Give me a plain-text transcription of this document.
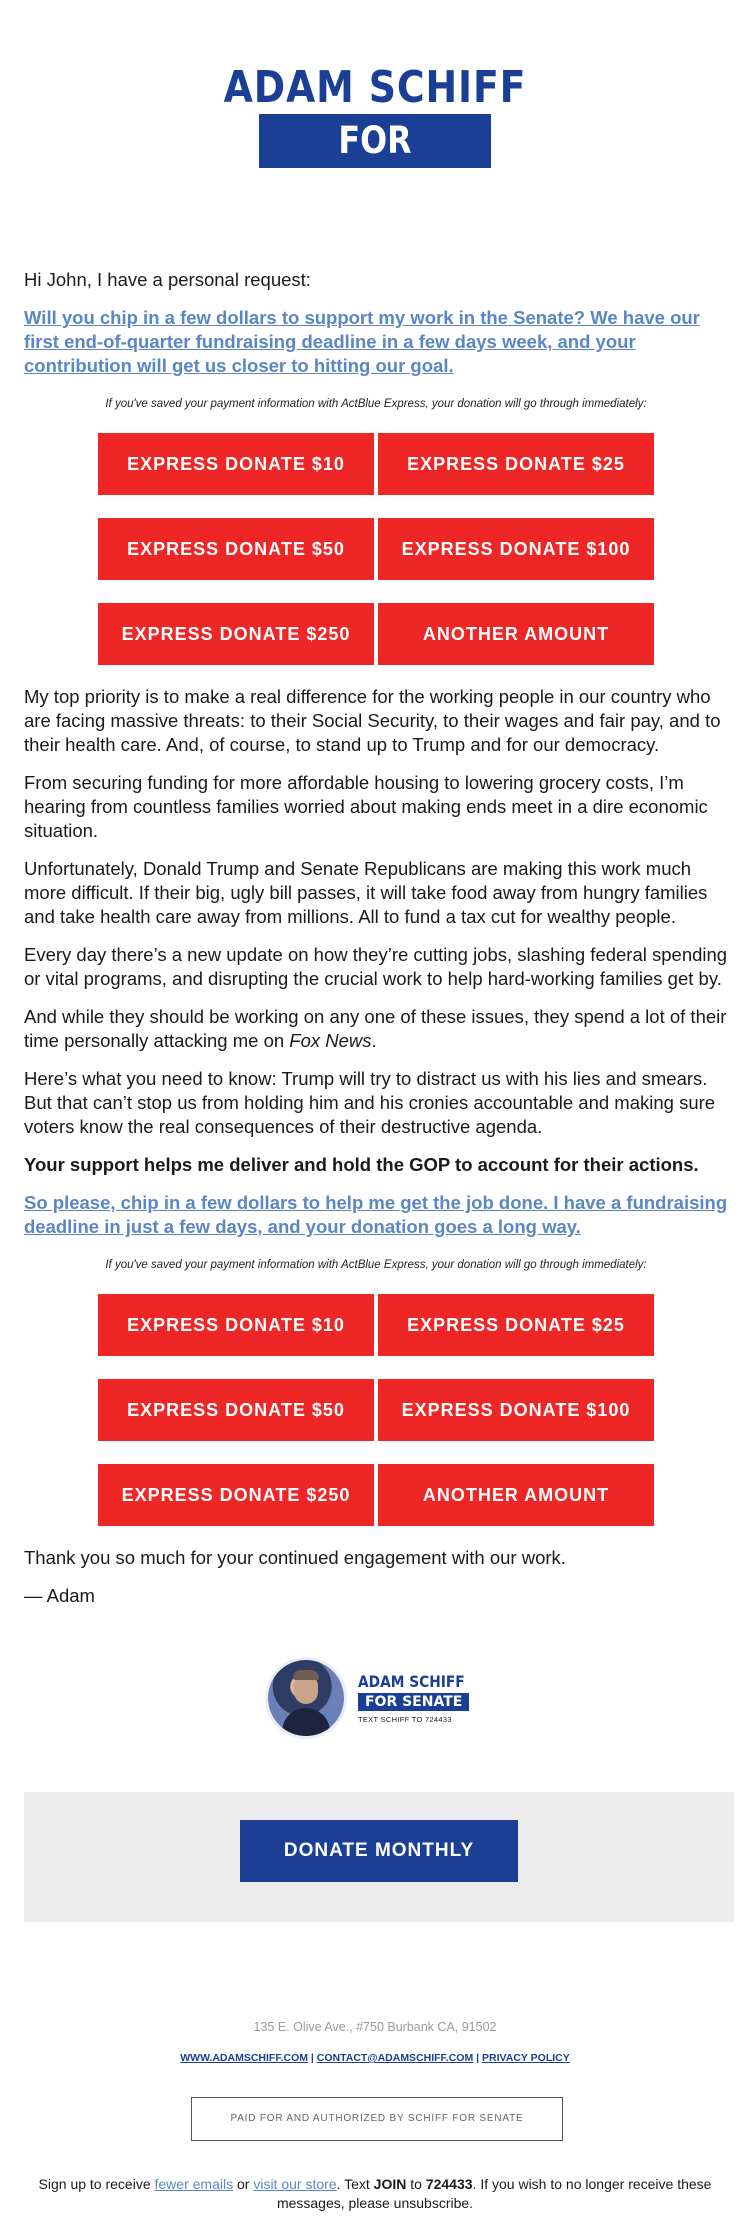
ADAM SCHIFF
FOR SENATE

Hi John, I have a personal request:

Will you chip in a few dollars to support my work in the Senate? We have our first end-of-quarter fundraising deadline in a few days week, and your contribution will get us closer to hitting our goal.

If you've saved your payment information with ActBlue Express, your donation will go through immediately:

EXPRESS DONATE $10	EXPRESS DONATE $25
EXPRESS DONATE $50	EXPRESS DONATE $100
EXPRESS DONATE $250	ANOTHER AMOUNT

My top priority is to make a real difference for the working people in our country who are facing massive threats: to their Social Security, to their wages and fair pay, and to their health care. And, of course, to stand up to Trump and for our democracy.

From securing funding for more affordable housing to lowering grocery costs, I’m hearing from countless families worried about making ends meet in a dire economic situation.

Unfortunately, Donald Trump and Senate Republicans are making this work much more difficult. If their big, ugly bill passes, it will take food away from hungry families and take health care away from millions. All to fund a tax cut for wealthy people.

Every day there’s a new update on how they’re cutting jobs, slashing federal spending or vital programs, and disrupting the crucial work to help hard-working families get by.

And while they should be working on any one of these issues, they spend a lot of their time personally attacking me on Fox News.

Here’s what you need to know: Trump will try to distract us with his lies and smears. But that can’t stop us from holding him and his cronies accountable and making sure voters know the real consequences of their destructive agenda.

Your support helps me deliver and hold the GOP to account for their actions.

So please, chip in a few dollars to help me get the job done. I have a fundraising deadline in just a few days, and your donation goes a long way.

If you've saved your payment information with ActBlue Express, your donation will go through immediately:

EXPRESS DONATE $10	EXPRESS DONATE $25
EXPRESS DONATE $50	EXPRESS DONATE $100
EXPRESS DONATE $250	ANOTHER AMOUNT

Thank you so much for your continued engagement with our work.

— Adam

ADAM SCHIFF
FOR SENATE
TEXT SCHIFF TO 724433
DONATE MONTHLY
135 E. Olive Ave., #750 Burbank CA, 91502
WWW.ADAMSCHIFF.COM | CONTACT@ADAMSCHIFF.COM | PRIVACY POLICY
PAID FOR AND AUTHORIZED BY SCHIFF FOR SENATE
Sign up to receive fewer emails or visit our store. Text JOIN to 724433. If you wish to no longer receive these messages, please unsubscribe.
